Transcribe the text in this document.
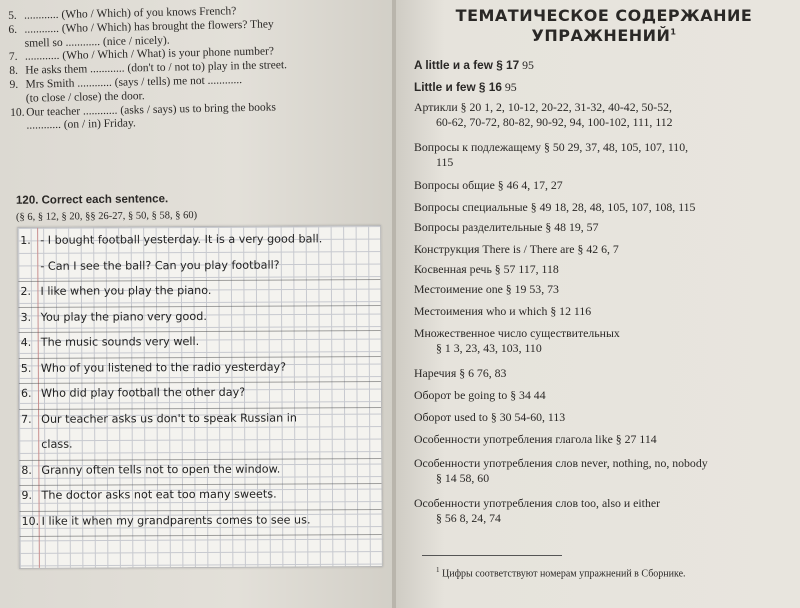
5. ............ (Who / Which) of you knows French?
6. ............ (Who / Which) has brought the flowers? They
smell so ............ (nice / nicely).
7. ............ (Who / Which / What) is your phone number?
8. He asks them ............ (don't to / not to) play in the street.
9. Mrs Smith ............ (says / tells) me not ............
(to close / close) the door.
10.Our teacher ............ (asks / says) us to bring the books
............ (on / in) Friday.
120. Correct each sentence.
(§ 6, § 12, § 20, §§ 26-27, § 50, § 58, § 60)
1. - I bought football yesterday. It is a very good ball.
- Can I see the ball? Can you play football?
2. I like when you play the piano.
3. You play the piano very good.
4. The music sounds very well.
5. Who of you listened to the radio yesterday?
6. Who did play football the other day?
7. Our teacher asks us don't to speak Russian in
class.
8. Granny often tells not to open the window.
9. The doctor asks not eat too many sweets.
10. I like it when my grandparents comes to see us.
ТЕМАТИЧЕСКОЕ СОДЕРЖАНИЕ
УПРАЖНЕНИЙ$^1$
A little и a few § 17 95
Little и few § 16 95
Артикли § 20 1, 2, 10-12, 20-22, 31-32, 40-42, 50-52,
60-62, 70-72, 80-82, 90-92, 94, 100-102, 111, 112
Вопросы к подлежащему § 50 29, 37, 48, 105, 107, 110,
115
Вопросы общие § 46 4, 17, 27
Вопросы специальные § 49 18, 28, 48, 105, 107, 108, 115
Вопросы разделительные § 48 19, 57
Конструкция There is / There are § 42 6, 7
Косвенная речь § 57 117, 118
Местоимение one § 19 53, 73
Местоимения who и which § 12 116
Множественное число существительных
§ 1 3, 23, 43, 103, 110
Наречия § 6 76, 83
Оборот be going to § 34 44
Оборот used to § 30 54-60, 113
Особенности употребления глагола like § 27 114
Особенности употребления слов never, nothing, no, nobody
§ 14 58, 60
Особенности употребления слов too, also и either
§ 56 8, 24, 74
$^1$ Цифры соответствуют номерам упражнений в Сборнике.
